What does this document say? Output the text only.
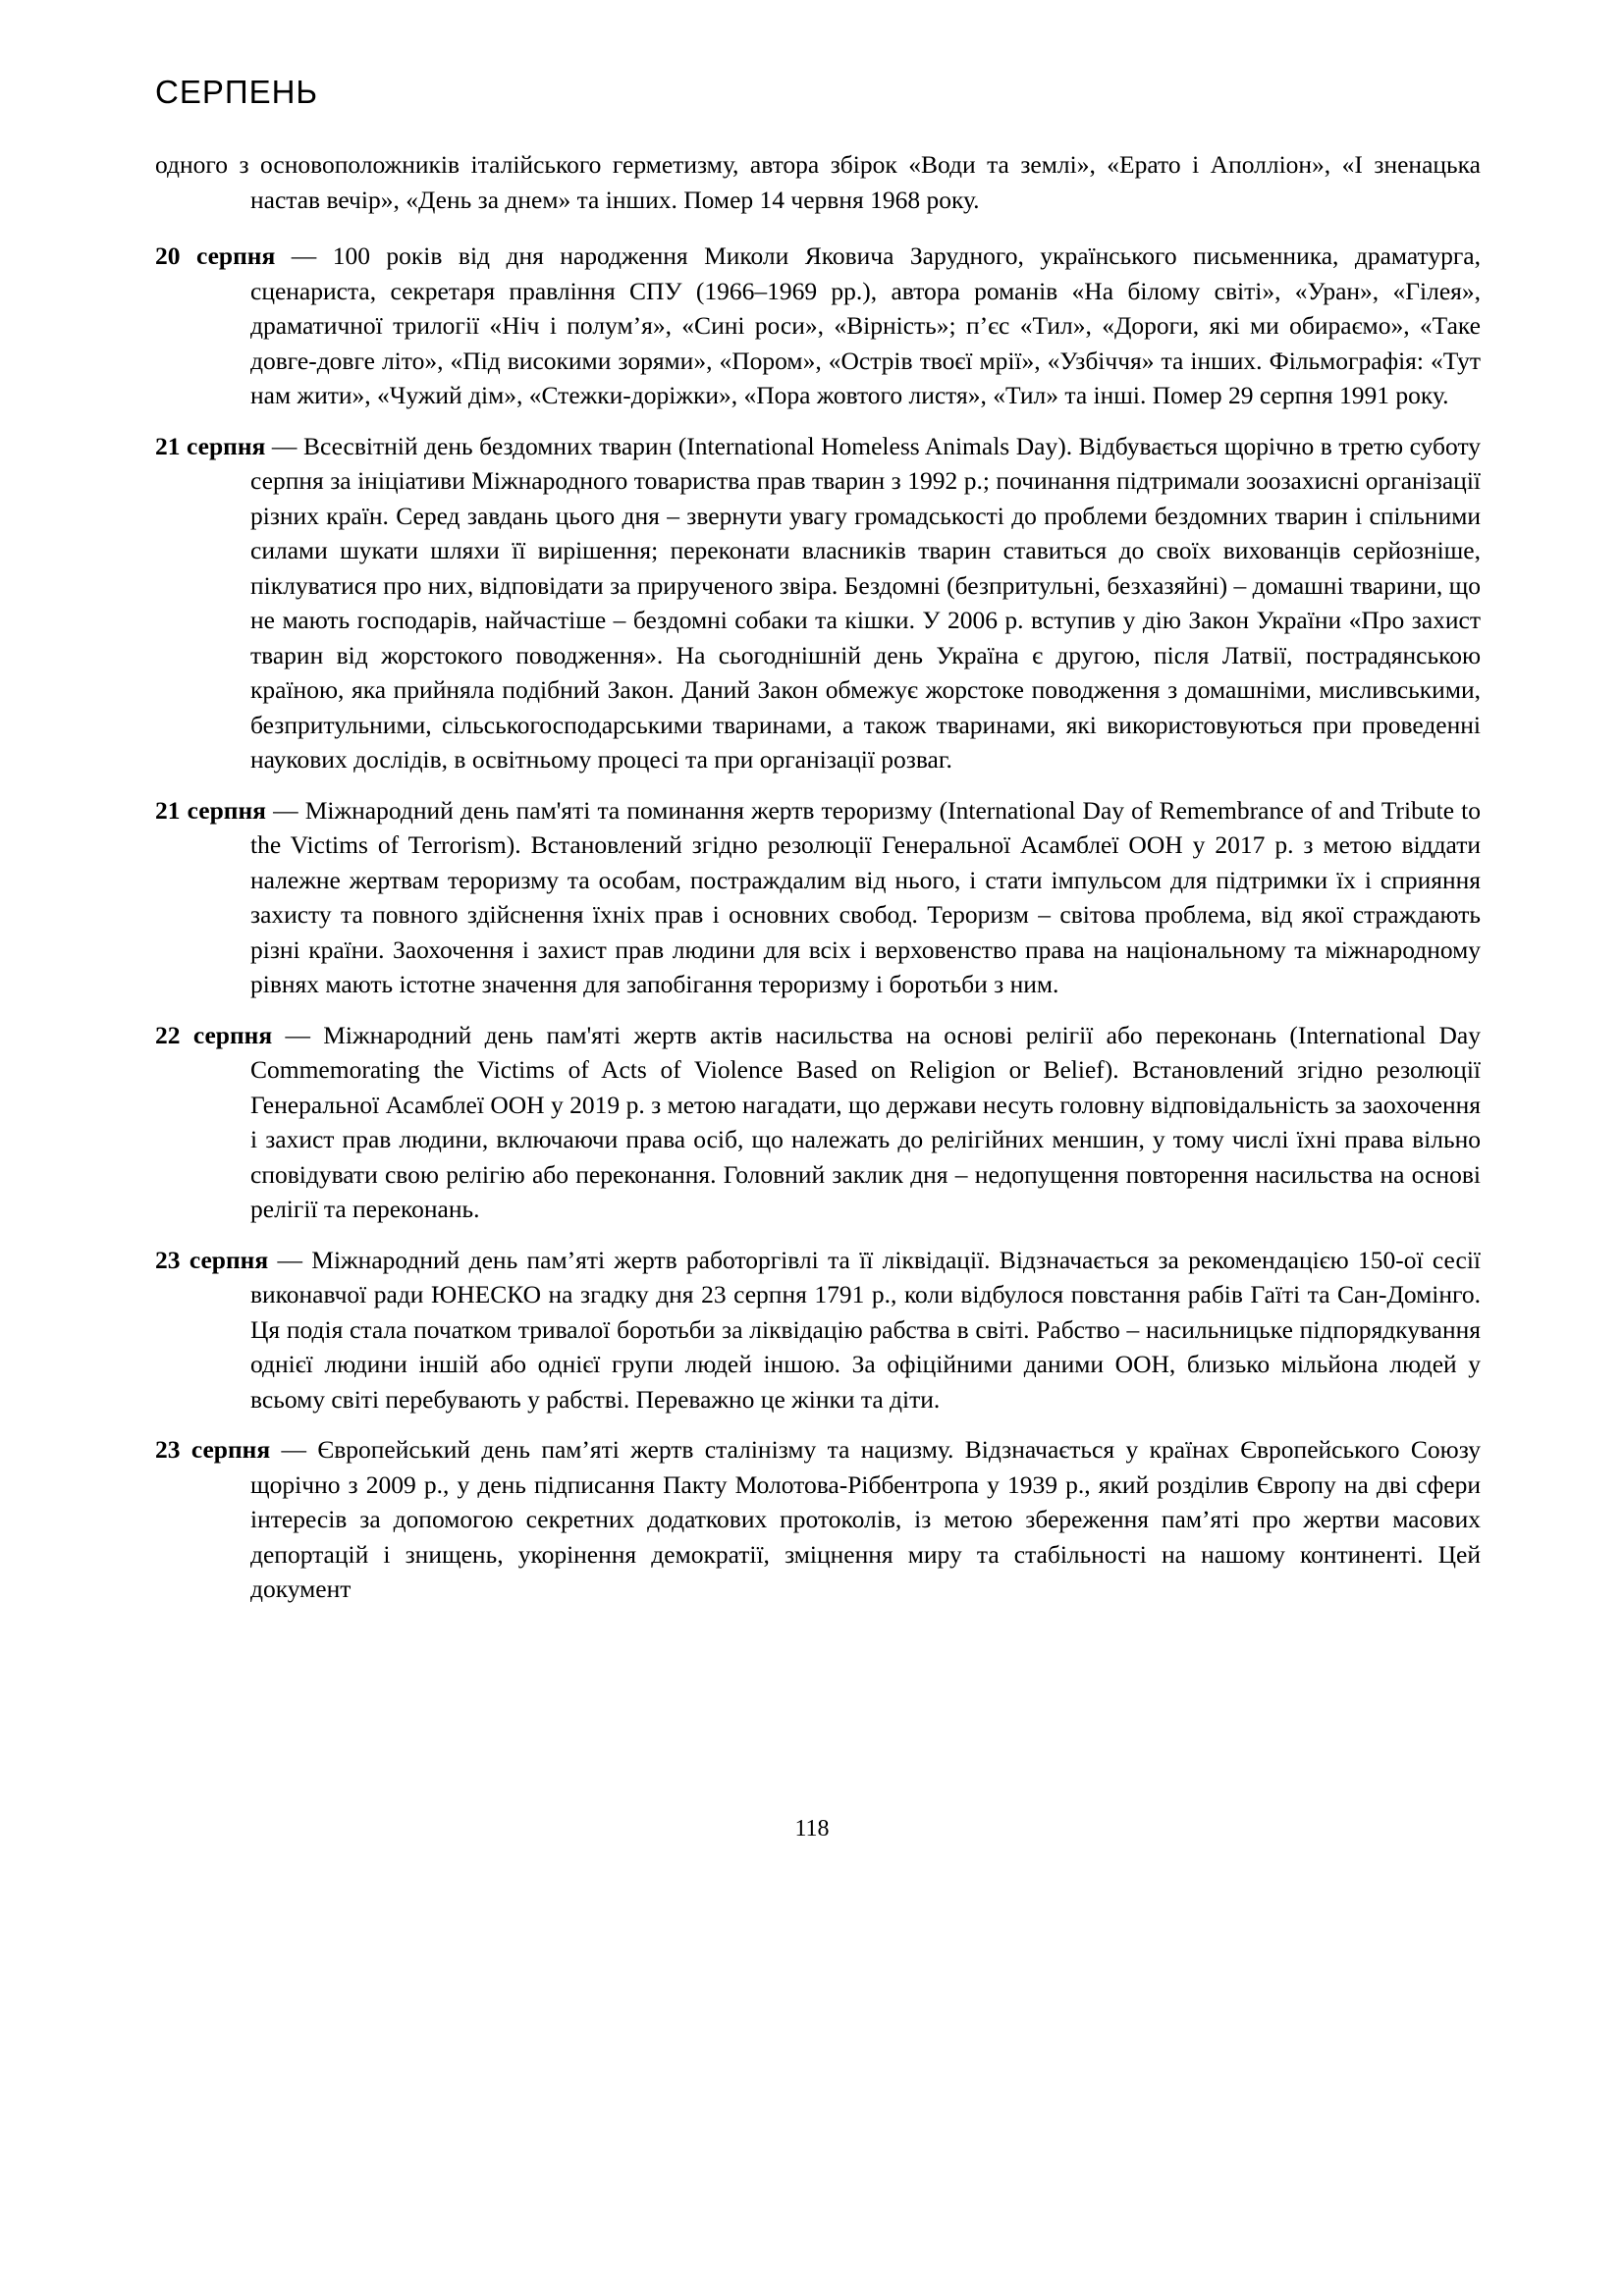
СЕРПЕНЬ

одного з основоположників італійського герметизму, автора збірок «Води та землі», «Ерато і Аполліон», «І зненацька настав вечір», «День за днем» та інших. Помер 14 червня 1968 року.

20 серпня — 100 років від дня народження Миколи Яковича Зарудного, українського письменника, драматурга, сценариста, секретаря правління СПУ (1966–1969 рр.), автора романів «На білому світі», «Уран», «Гілея», драматичної трилогії «Ніч і полум’я», «Сині роси», «Вірність»; п’єс «Тил», «Дороги, які ми обираємо», «Таке довге-довге літо», «Під високими зорями», «Пором», «Острів твоєї мрії», «Узбіччя» та інших. Фільмографія: «Тут нам жити», «Чужий дім», «Стежки-доріжки», «Пора жовтого листя», «Тил» та інші. Помер 29 серпня 1991 року.

21 серпня — Всесвітній день бездомних тварин (International Homeless Animals Day). Відбувається щорічно в третю суботу серпня за ініціативи Міжнародного товариства прав тварин з 1992 р.; починання підтримали зоозахисні організації різних країн. Серед завдань цього дня – звернути увагу громадськості до проблеми бездомних тварин і спільними силами шукати шляхи її вирішення; переконати власників тварин ставиться до своїх вихованців серйозніше, піклуватися про них, відповідати за прирученого звіра. Бездомні (безпритульні, безхазяйні) – домашні тварини, що не мають господарів, найчастіше – бездомні собаки та кішки. У 2006 р. вступив у дію Закон України «Про захист тварин від жорстокого поводження». На сьогоднішній день Україна є другою, після Латвії, пострадянською країною, яка прийняла подібний Закон. Даний Закон обмежує жорстоке поводження з домашніми, мисливськими, безпритульними, сільськогосподарськими тваринами, а також тваринами, які використовуються при проведенні наукових дослідів, в освітньому процесі та при організації розваг.

21 серпня — Міжнародний день пам'яті та поминання жертв тероризму (International Day of Remembrance of and Tribute to the Victims of Terrorism). Встановлений згідно резолюції Генеральної Асамблеї ООН у 2017 р. з метою віддати належне жертвам тероризму та особам, постраждалим від нього, і стати імпульсом для підтримки їх і сприяння захисту та повного здійснення їхніх прав і основних свобод. Тероризм – світова проблема, від якої страждають різні країни. Заохочення і захист прав людини для всіх і верховенство права на національному та міжнародному рівнях мають істотне значення для запобігання тероризму і боротьби з ним.

22 серпня — Міжнародний день пам'яті жертв актів насильства на основі релігії або переконань (International Day Commemorating the Victims of Acts of Violence Based on Religion or Belief). Встановлений згідно резолюції Генеральної Асамблеї ООН у 2019 р. з метою нагадати, що держави несуть головну відповідальність за заохочення і захист прав людини, включаючи права осіб, що належать до релігійних меншин, у тому числі їхні права вільно сповідувати свою релігію або переконання. Головний заклик дня – недопущення повторення насильства на основі релігії та переконань.

23 серпня — Міжнародний день пам’яті жертв работоргівлі та її ліквідації. Відзначається за рекомендацією 150-ої сесії виконавчої ради ЮНЕСКО на згадку дня 23 серпня 1791 р., коли відбулося повстання рабів Гаїті та Сан-Домінго. Ця подія стала початком тривалої боротьби за ліквідацію рабства в світі. Рабство – насильницьке підпорядкування однієї людини іншій або однієї групи людей іншою. За офіційними даними ООН, близько мільйона людей у всьому світі перебувають у рабстві. Переважно це жінки та діти.

23 серпня — Європейський день пам’яті жертв сталінізму та нацизму. Відзначається у країнах Європейського Союзу щорічно з 2009 р., у день підписання Пакту Молотова-Ріббентропа у 1939 р., який розділив Європу на дві сфери інтересів за допомогою секретних додаткових протоколів, із метою збереження пам’яті про жертви масових депортацій і знищень, укорінення демократії, зміцнення миру та стабільності на нашому континенті. Цей документ

118
